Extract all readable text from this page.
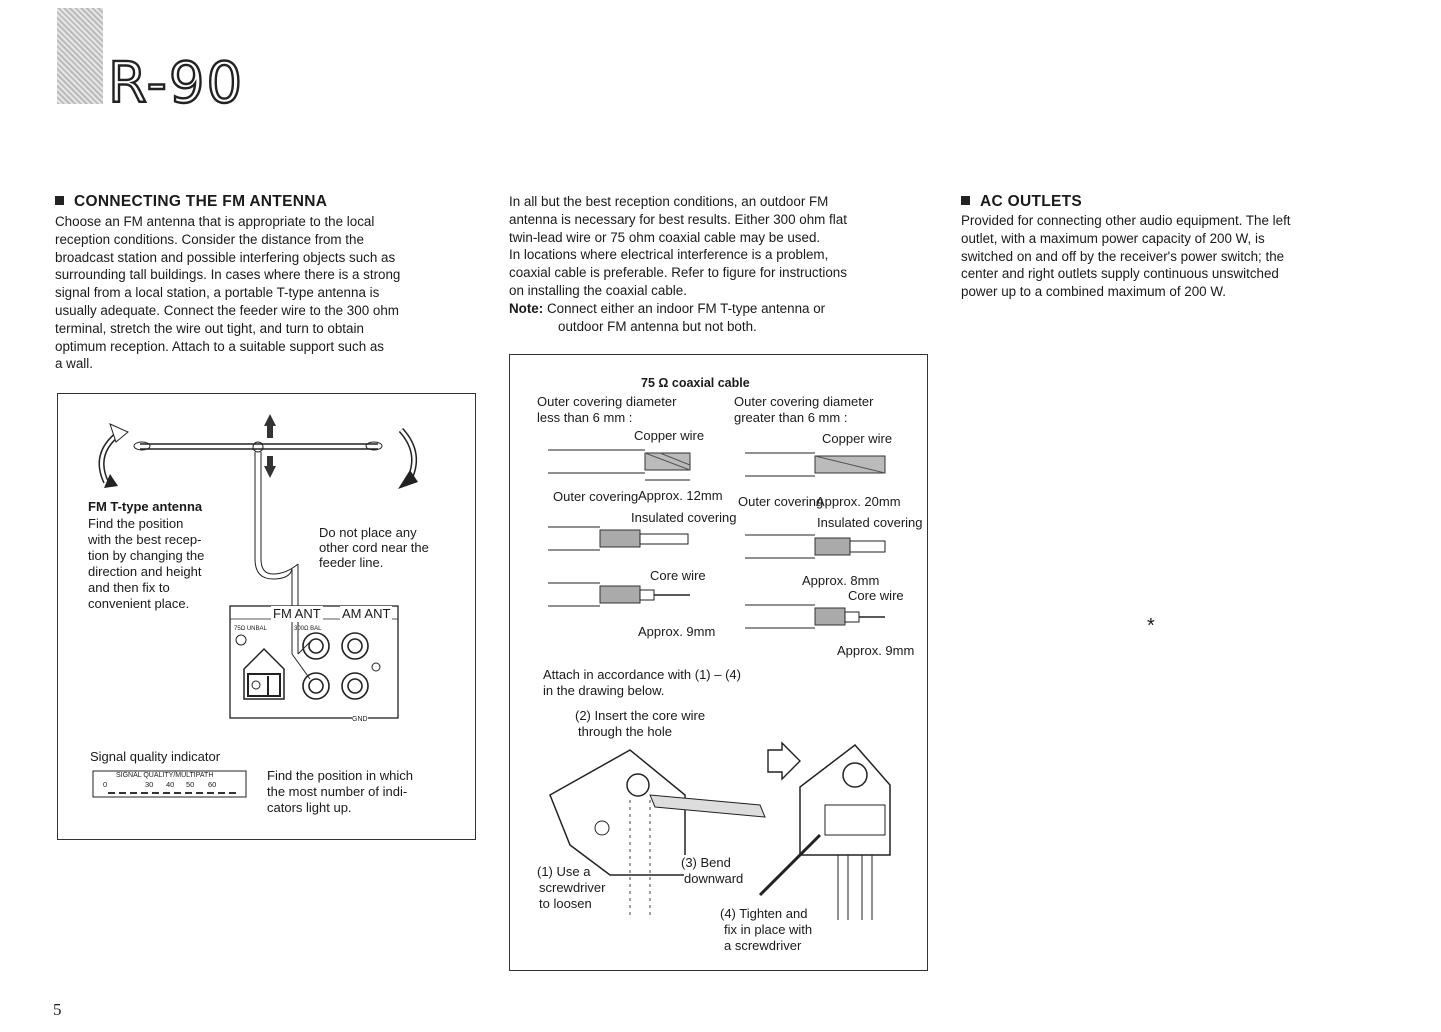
R-90
CONNECTING THE FM ANTENNA

Choose an FM antenna that is appropriate to the local

reception conditions. Consider the distance from the

broadcast station and possible interfering objects such as

surrounding tall buildings. In cases where there is a strong

signal from a local station, a portable T-type antenna is

usually adequate. Connect the feeder wire to the 300 ohm

terminal, stretch the wire out tight, and turn to obtain

optimum reception. Attach to a suitable support such as

a wall.

FM T-type antenna
Find the position
with the best recep-
tion by changing the
direction and height
and then fix to
convenient place.
Do not place any
other cord near the
feeder line.
FM ANT AM ANT
75Ω UNBAL	300Ω BAL
GND
Signal quality indicator
SIGNAL QUALITY/MULTIPATH
0	30 40 50 60
Find the position in which
the most number of indi-
cators light up.

In all but the best reception conditions, an outdoor FM

antenna is necessary for best results. Either 300 ohm flat

twin-lead wire or 75 ohm coaxial cable may be used.

In locations where electrical interference is a problem,

coaxial cable is preferable. Refer to figure for instructions

on installing the coaxial cable.

Note: Connect either an indoor FM T-type antenna or

outdoor FM antenna but not both.

75 Ω coaxial cable
Outer covering diameter
less than 6 mm :
Outer covering diameter
greater than 6 mm :
Copper wire	Copper wire
Outer covering Approx. 12mm Outer covering
Approx. 20mm
Insulated covering	Insulated covering
Core wire	Approx. 8mm
Core wire
Approx. 9mm
Approx. 9mm
Attach in accordance with (1) – (4)
in the drawing below.
(2) Insert the core wire
through the hole
(1) Use a
screwdriver
to loosen
(3) Bend
downward
(4) Tighten and
fix in place with
a screwdriver
AC OUTLETS

Provided for connecting other audio equipment. The left

outlet, with a maximum power capacity of 200 W, is

switched on and off by the receiver's power switch; the

center and right outlets supply continuous unswitched

power up to a combined maximum of 200 W.

*
5
